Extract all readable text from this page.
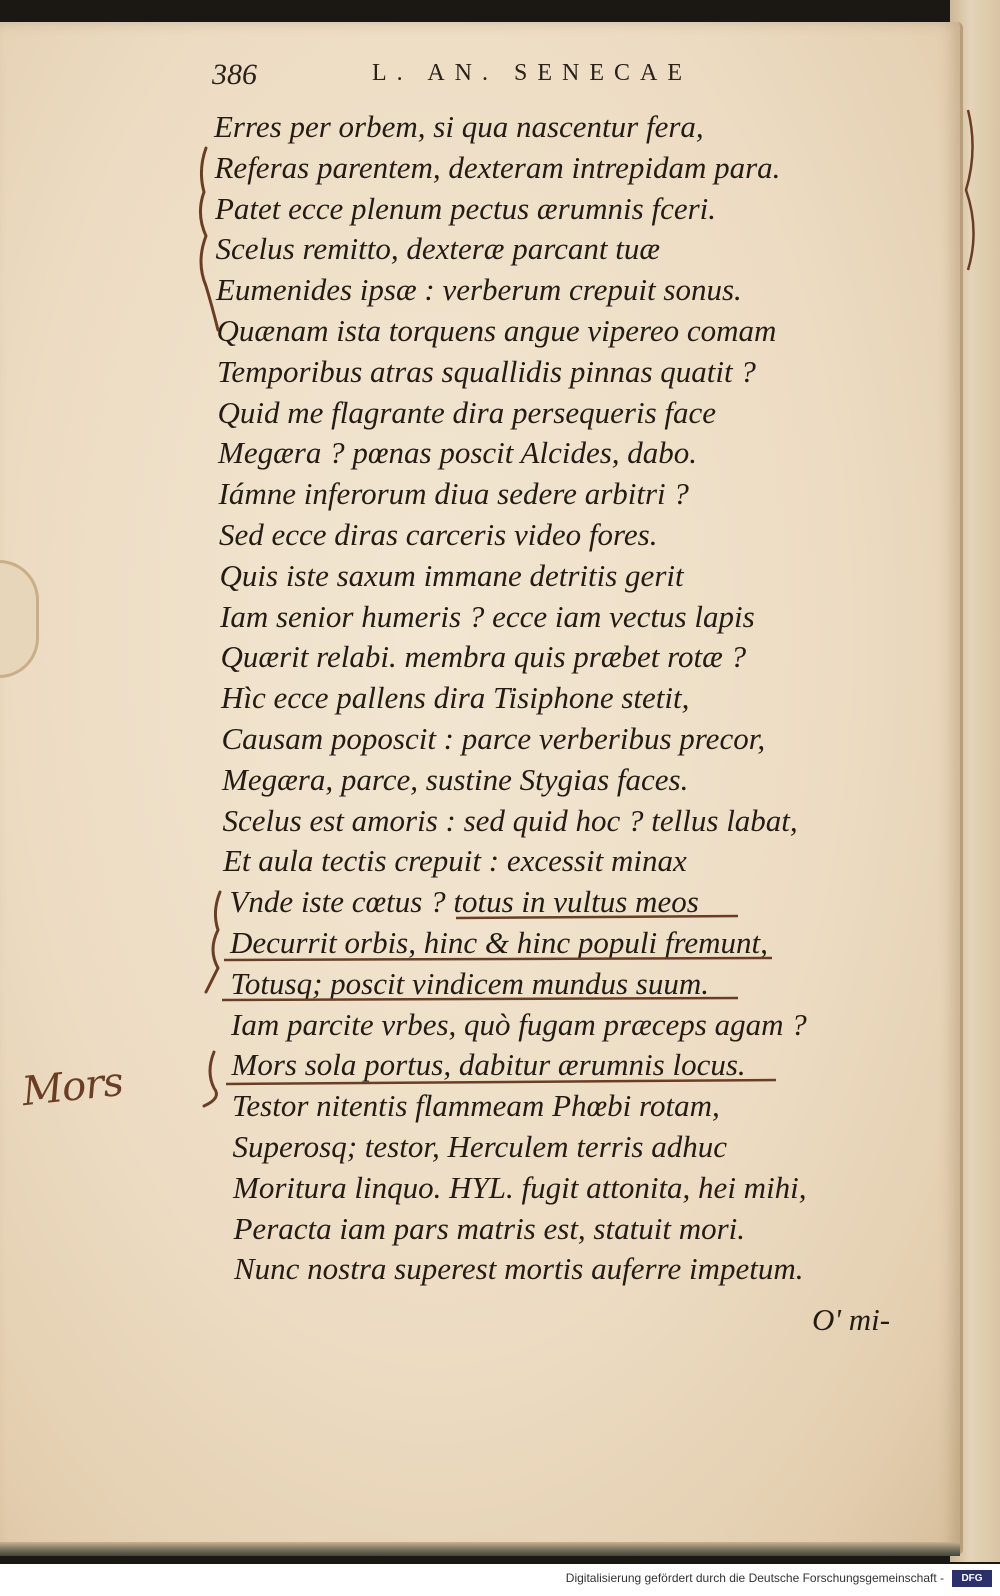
386	L. AN. SENECAE
Erres per orbem, si qua nascentur fera,
Referas parentem, dexteram intrepidam para.
Patet ecce plenum pectus ærumnis fceri.
Scelus remitto, dexteræ parcant tuæ
Eumenides ipsæ : verberum crepuit sonus.
Quænam ista torquens angue vipereo comam
Temporibus atras squallidis pinnas quatit ?
Quid me flagrante dira persequeris face
Megæra ? pœnas poscit Alcides, dabo.
Iámne inferorum diua sedere arbitri ?
Sed ecce diras carceris video fores.
Quis iste saxum immane detritis gerit
Iam senior humeris ? ecce iam vectus lapis
Quærit relabi. membra quis præbet rotæ ?
Hìc ecce pallens dira Tisiphone stetit,
Causam poposcit : parce verberibus precor,
Megæra, parce, sustine Stygias faces.
Scelus est amoris : sed quid hoc ? tellus labat,
Et aula tectis crepuit : excessit minax
Vnde iste cœtus ? totus in vultus meos
Decurrit orbis, hinc & hinc populi fremunt,
Totusq; poscit vindicem mundus suum.
Iam parcite vrbes, quò fugam præceps agam ?
Mors sola portus, dabitur ærumnis locus.
Testor nitentis flammeam Phœbi rotam,
Superosq; testor, Herculem terris adhuc
Moritura linquo. HYL. fugit attonita, hei mihi,
Peracta iam pars matris est, statuit mori.
Nunc nostra superest mortis auferre impetum.
O' mi-
Mors
Digitalisierung gefördert durch die Deutsche Forschungsgemeinschaft -	DFG
